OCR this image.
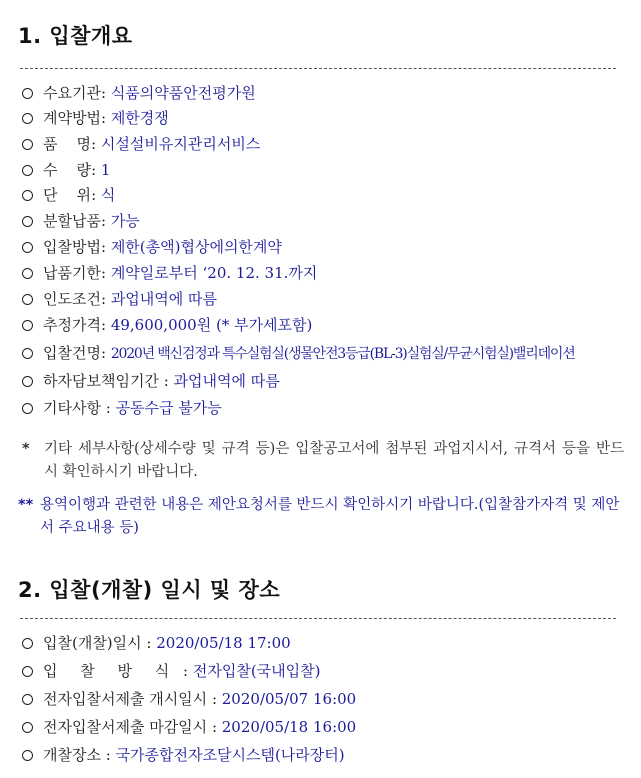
1. 입찰개요
수요기관: 식품의약품안전평가원
계약방법: 제한경쟁
품    명: 시설설비유지관리서비스
수    량: 1
단    위: 식
분할납품: 가능
입찰방법: 제한(총액)협상에의한계약
납품기한: 계약일로부터 ‘20. 12. 31.까지
인도조건: 과업내역에 따름
추정가격: 49,600,000원 (* 부가세포함)
입찰건명: 2020년 백신검정과 특수실험실(생물안전3등급(BL-3)실험실/무균시험실)밸리데이션
하자담보책임기간 : 과업내역에 따름
기타사항 : 공동수급 불가능
* 기타 세부사항(상세수량 및 규격 등)은 입찰공고서에 첨부된 과업지시서, 규격서 등을 반드시 확인하시기 바랍니다.
** 용역이행과 관련한 내용은 제안요청서를 반드시 확인하시기 바랍니다.(입찰참가자격 및 제안서 주요내용 등)
2. 입찰(개찰) 일시 및 장소
입찰(개찰)일시 : 2020/05/18 17:00
입 찰 방 식 : 전자입찰(국내입찰)
전자입찰서제출 개시일시 : 2020/05/07 16:00
전자입찰서제출 마감일시 : 2020/05/18 16:00
개찰장소 : 국가종합전자조달시스템(나라장터)
